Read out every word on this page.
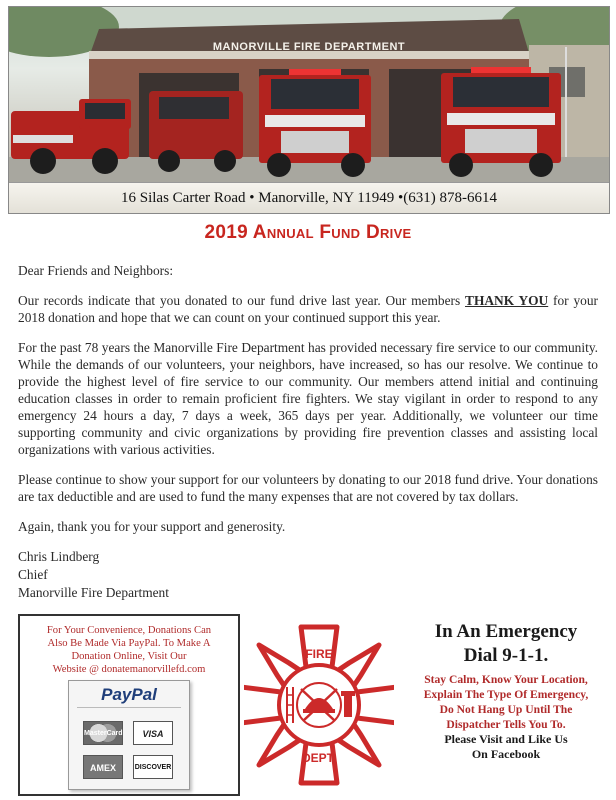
MANORVILLE FIRE DEPARTMENT
16 Silas Carter Road • Manorville, NY 11949 •(631) 878-6614
2019 Annual Fund Drive

Dear Friends and Neighbors:

Our records indicate that you donated to our fund drive last year. Our members THANK YOU for your 2018 donation and hope that we can count on your continued support this year.

For the past 78 years the Manorville Fire Department has provided necessary fire service to our community. While the demands of our volunteers, your neighbors, have increased, so has our resolve. We continue to provide the highest level of fire service to our community. Our members attend initial and continuing education classes in order to remain proficient fire fighters. We stay vigilant in order to respond to any emergency 24 hours a day, 7 days a week, 365 days per year. Additionally, we volunteer our time supporting community and civic organizations by providing fire prevention classes and assisting local organizations with various activities.

Please continue to show your support for our volunteers by donating to our 2018 fund drive. Your donations are tax deductible and are used to fund the many expenses that are not covered by tax dollars.

Again, thank you for your support and generosity.

Chris Lindberg

Chief

Manorville Fire Department

For Your Convenience, Donations Can
Also Be Made Via PayPal. To Make A
Donation Online, Visit Our
Website @ donatemanorvillefd.com
PayPal
MasterCard	VISA
AMEX	DISCOVER
FIRE
DEPT.
In An Emergency
Dial 9-1-1.
Stay Calm, Know Your Location,
Explain The Type Of Emergency,
Do Not Hang Up Until The
Dispatcher Tells You To.
Please Visit and Like Us
On Facebook
